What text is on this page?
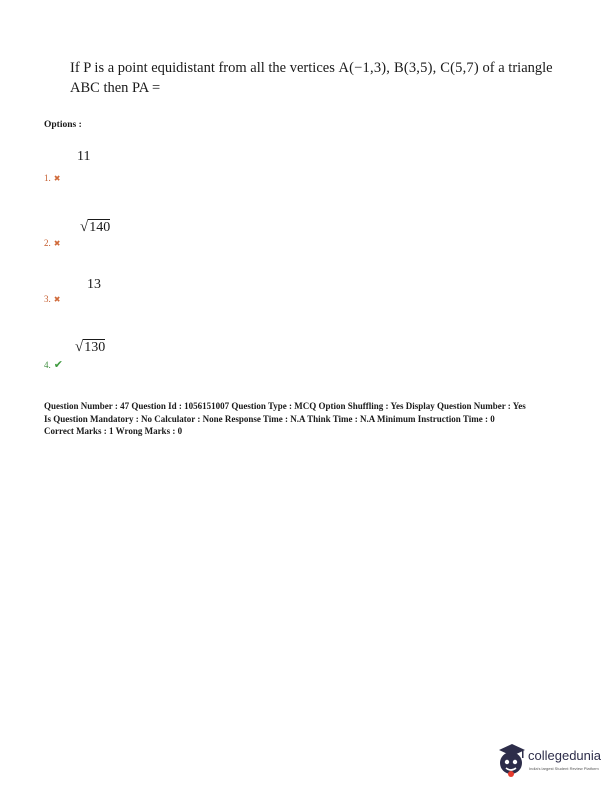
If P is a point equidistant from all the vertices A(−1,3), B(3,5), C(5,7) of a triangle
ABC then PA =
Options :
11
1. ✖
√ 140
2. ✖
13
3. ✖
√ 130
4. ✔
Question Number : 47 Question Id : 1056151007 Question Type : MCQ Option Shuffling : Yes Display Question Number : Yes
Is Question Mandatory : No Calculator : None Response Time : N.A Think Time : N.A Minimum Instruction Time : 0
Correct Marks : 1 Wrong Marks : 0
collegedunia
India's largest Student Review Platform
